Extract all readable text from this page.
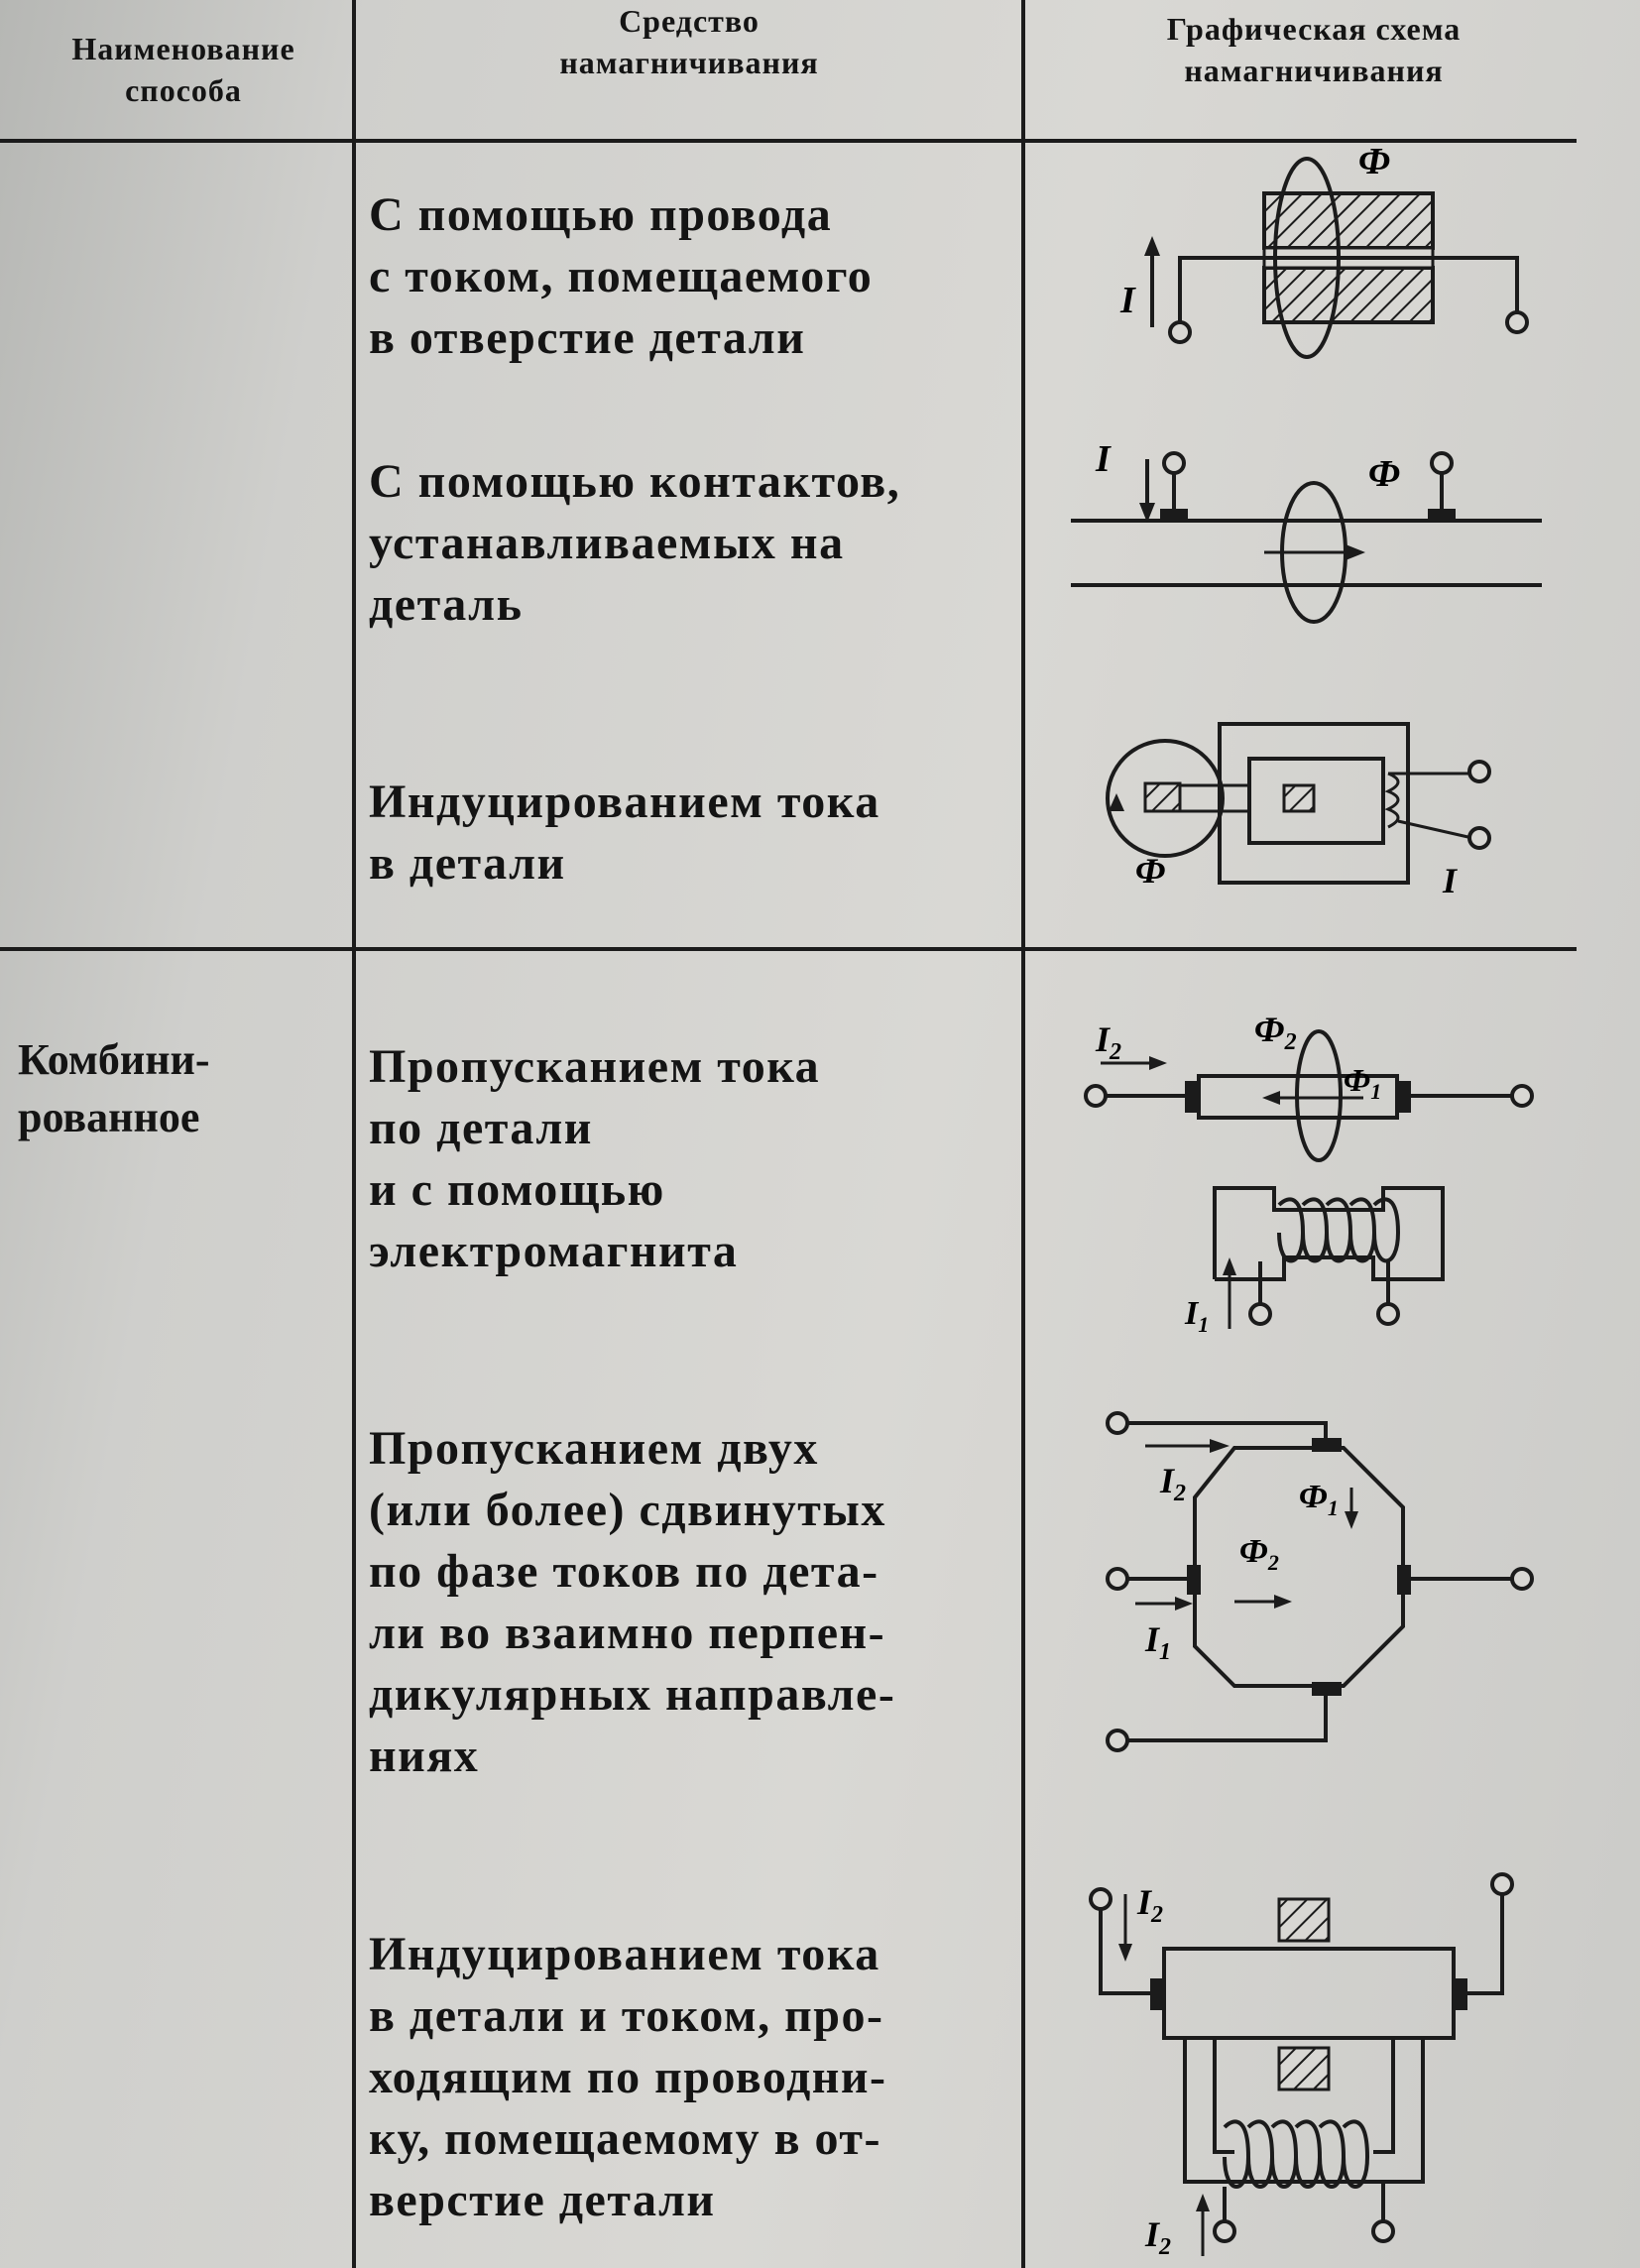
Наименование
способа
Средство
намагничивания
Графическая схема
намагничивания
С помощью провода
с током, помещаемого
в отверстие детали
С помощью контактов,
устанавливаемых на
деталь
Индуцированием тока
в детали
Комбини-
рованное
Пропусканием тока
по детали
и с помощью
электромагнита
Пропусканием двух
(или более) сдвинутых
по фазе токов по дета-
ли во взаимно перпен-
дикулярных направле-
ниях
Индуцированием тока
в детали и током, про-
ходящим по проводни-
ку, помещаемому в от-
верстие детали
I
Ф
I	Ф
Ф	I
$I_2$
$Ф_2$
$Ф_1$
$I_1$
$I_2$
$I_1$
$Ф_1$
$Ф_2$
$I_2$
$I_2$
